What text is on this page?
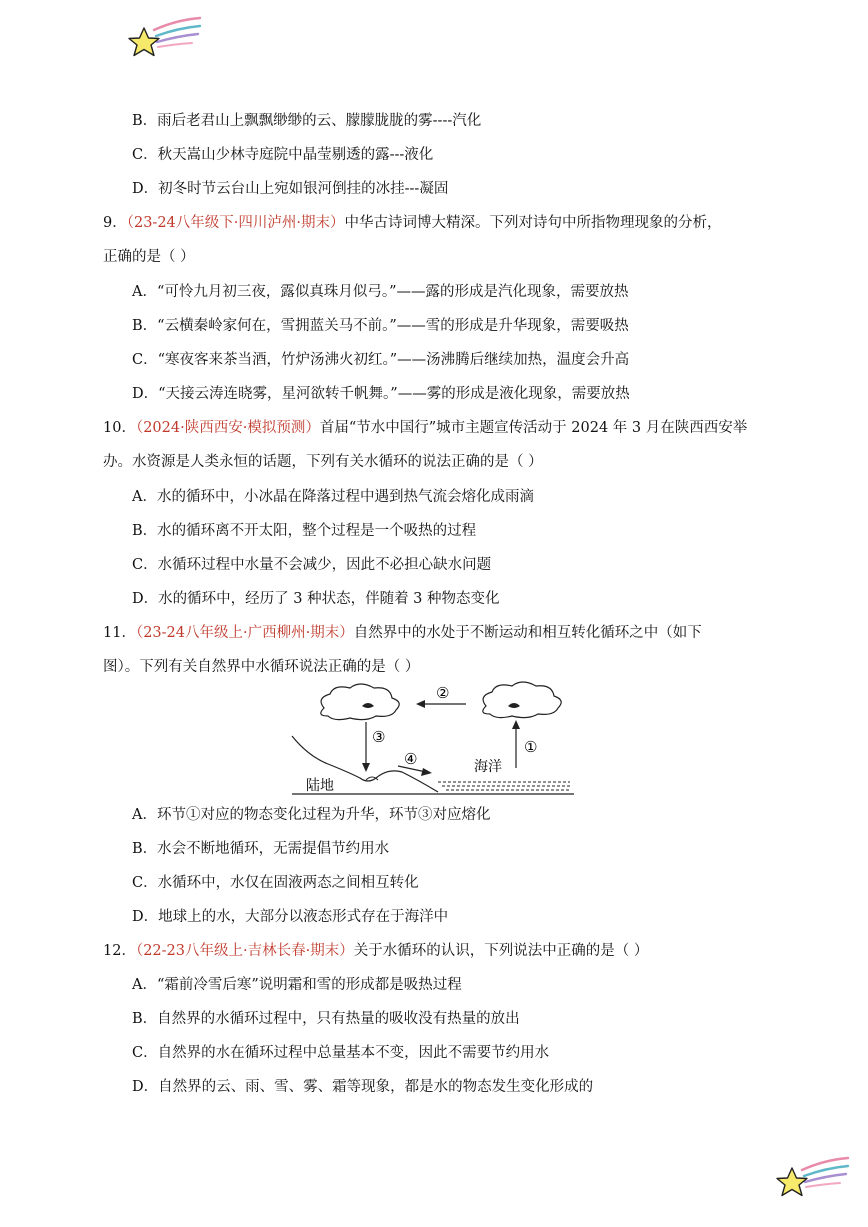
B．雨后老君山上飘飘缈缈的云、朦朦胧胧的雾----汽化
C．秋天嵩山少林寺庭院中晶莹剔透的露---液化
D．初冬时节云台山上宛如银河倒挂的冰挂---凝固
9．（23-24八年级下·四川泸州·期末）中华古诗词博大精深。下列对诗句中所指物理现象的分析，
正确的是（ ）
A．“可怜九月初三夜，露似真珠月似弓。”——露的形成是汽化现象，需要放热
B．“云横秦岭家何在，雪拥蓝关马不前。”——雪的形成是升华现象，需要吸热
C．“寒夜客来茶当酒，竹炉汤沸火初红。”——汤沸腾后继续加热，温度会升高
D．“天接云涛连晓雾，星河欲转千帆舞。”——雾的形成是液化现象，需要放热
10．（2024·陕西西安·模拟预测）首届“节水中国行”城市主题宣传活动于 2024 年 3 月在陕西西安举
办。水资源是人类永恒的话题，下列有关水循环的说法正确的是（ ）
A．水的循环中，小冰晶在降落过程中遇到热气流会熔化成雨滴
B．水的循环离不开太阳，整个过程是一个吸热的过程
C．水循环过程中水量不会减少，因此不必担心缺水问题
D．水的循环中，经历了 3 种状态，伴随着 3 种物态变化
11．（23-24八年级上·广西柳州·期末）自然界中的水处于不断运动和相互转化循环之中（如下
图）。下列有关自然界中水循环说法正确的是（ ）
②
③
①
④	海洋
陆地
A．环节①对应的物态变化过程为升华，环节③对应熔化
B．水会不断地循环，无需提倡节约用水
C．水循环中，水仅在固液两态之间相互转化
D．地球上的水，大部分以液态形式存在于海洋中
12．（22-23八年级上·吉林长春·期末）关于水循环的认识，下列说法中正确的是（ ）
A．“霜前冷雪后寒”说明霜和雪的形成都是吸热过程
B．自然界的水循环过程中，只有热量的吸收没有热量的放出
C．自然界的水在循环过程中总量基本不变，因此不需要节约用水
D．自然界的云、雨、雪、雾、霜等现象，都是水的物态发生变化形成的
